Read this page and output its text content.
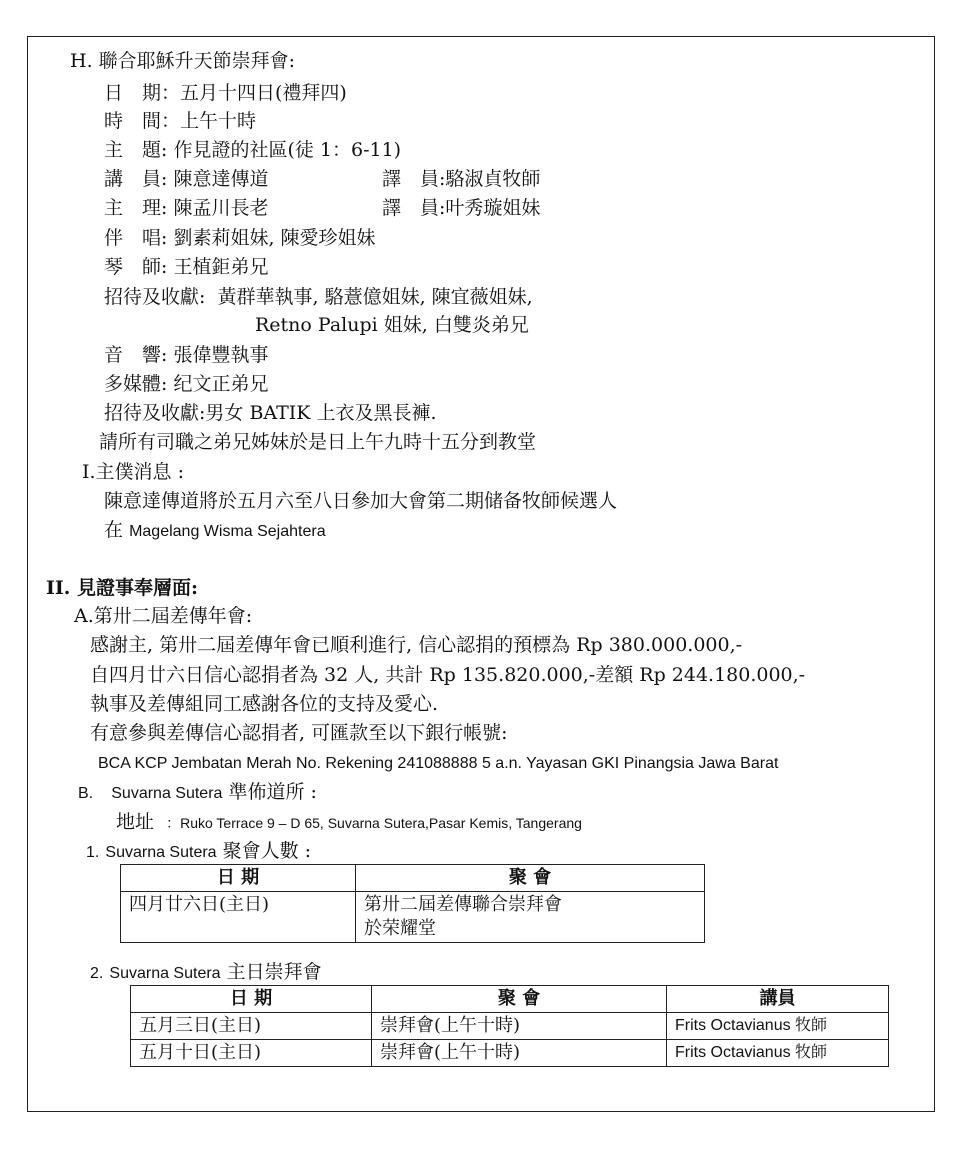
H. 聯合耶穌升天節崇拜會:
日　期：五月十四日(禮拜四)
時　間：上午十時
主　題: 作見證的社區(徒 1：6-11)
講　員: 陳意達傳道	譯　員:駱淑貞牧師
主　理: 陳孟川長老	譯　員:叶秀璇姐妹
伴　唱: 劉素莉姐妹, 陳愛珍姐妹
琴　師: 王植鉅弟兄
招待及收獻: 黃群華執事, 駱薏億姐妹, 陳宜薇姐妹,
Retno Palupi 姐妹, 白雙炎弟兄
音　響: 張偉豐執事
多媒體: 纪文正弟兄
招待及收獻:男女 BATIK 上衣及黑長褲.
請所有司職之弟兄姊妹於是日上午九時十五分到教堂
I.主僕消息 :
陳意達傳道將於五月六至八日參加大會第二期储备牧師候選人
在 Magelang Wisma Sejahtera
II. 見證事奉層面:
A.第卅二屆差傳年會:
感謝主, 第卅二屆差傳年會已順利進行, 信心認捐的預標為 Rp 380.000.000,-
自四月廿六日信心認捐者為 32 人, 共計 Rp 135.820.000,-差額 Rp 244.180.000,-
執事及差傳組同工感謝各位的支持及愛心.
有意參與差傳信心認捐者, 可匯款至以下銀行帳號:
BCA KCP Jembatan Merah No. Rekening 241088888 5 a.n. Yayasan GKI Pinangsia Jawa Barat
B. Suvarna Sutera 準佈道所 :
地址 ：Ruko Terrace 9 – D 65, Suvarna Sutera,Pasar Kemis, Tangerang
1. Suvarna Sutera 聚會人數 :
日 期	聚 會
四月廿六日(主日)	第卅二屆差傳聯合崇拜會
於荣耀堂
2. Suvarna Sutera 主日崇拜會
日 期	聚 會	講員
五月三日(主日)	崇拜會(上午十時)	Frits Octavianus 牧師
五月十日(主日)	崇拜會(上午十時)	Frits Octavianus 牧師
